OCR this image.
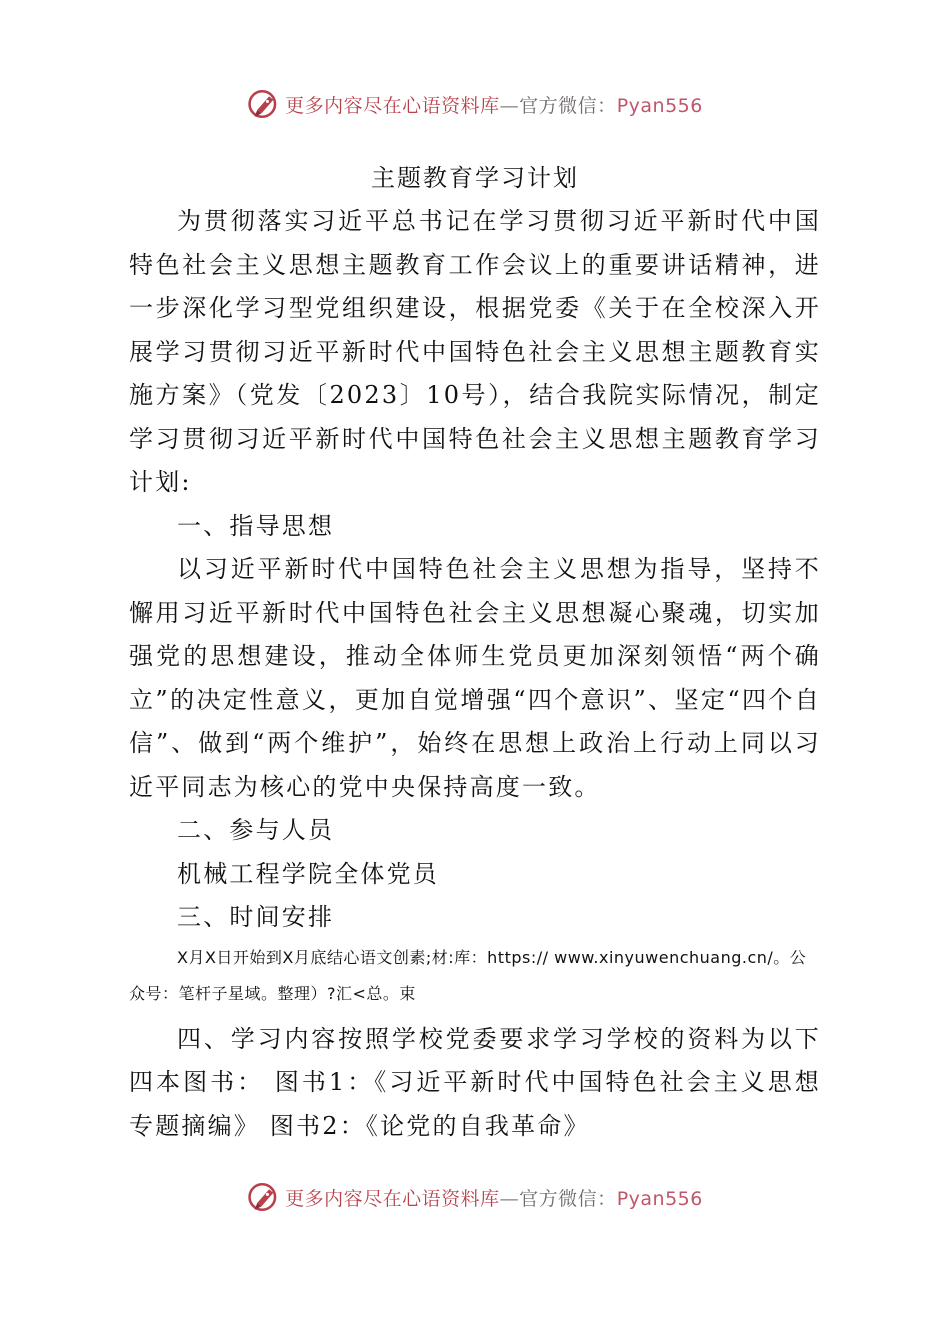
更多内容尽在心语资料库—官方微信：Pyan556
主题教育学习计划

为贯彻落实习近平总书记在学习贯彻习近平新时代中国特色社会主义思想主题教育工作会议上的重要讲话精神，进一步深化学习型党组织建设，根据党委《关于在全校深入开展学习贯彻习近平新时代中国特色社会主义思想主题教育实施方案》（党发〔2023〕10号），结合我院实际情况，制定学习贯彻习近平新时代中国特色社会主义思想主题教育学习计划:

一、指导思想

以习近平新时代中国特色社会主义思想为指导，坚持不懈用习近平新时代中国特色社会主义思想凝心聚魂，切实加强党的思想建设，推动全体师生党员更加深刻领悟“两个确立”的决定性意义，更加自觉增强“四个意识”、坚定“四个自信”、做到“两个维护”，始终在思想上政治上行动上同以习近平同志为核心的党中央保持高度一致。

二、参与人员

机械工程学院全体党员

三、时间安排

X月X日开始到X月底结心语文创素;材:库：https:// www.xinyuwenchuang.cn/。公众号：笔杆子星域。整理）?汇<总。束

四、学习内容按照学校党委要求学习学校的资料为以下四本图书： 图书1：《习近平新时代中国特色社会主义思想专题摘编》 图书2：《论党的自我革命》

更多内容尽在心语资料库—官方微信：Pyan556
